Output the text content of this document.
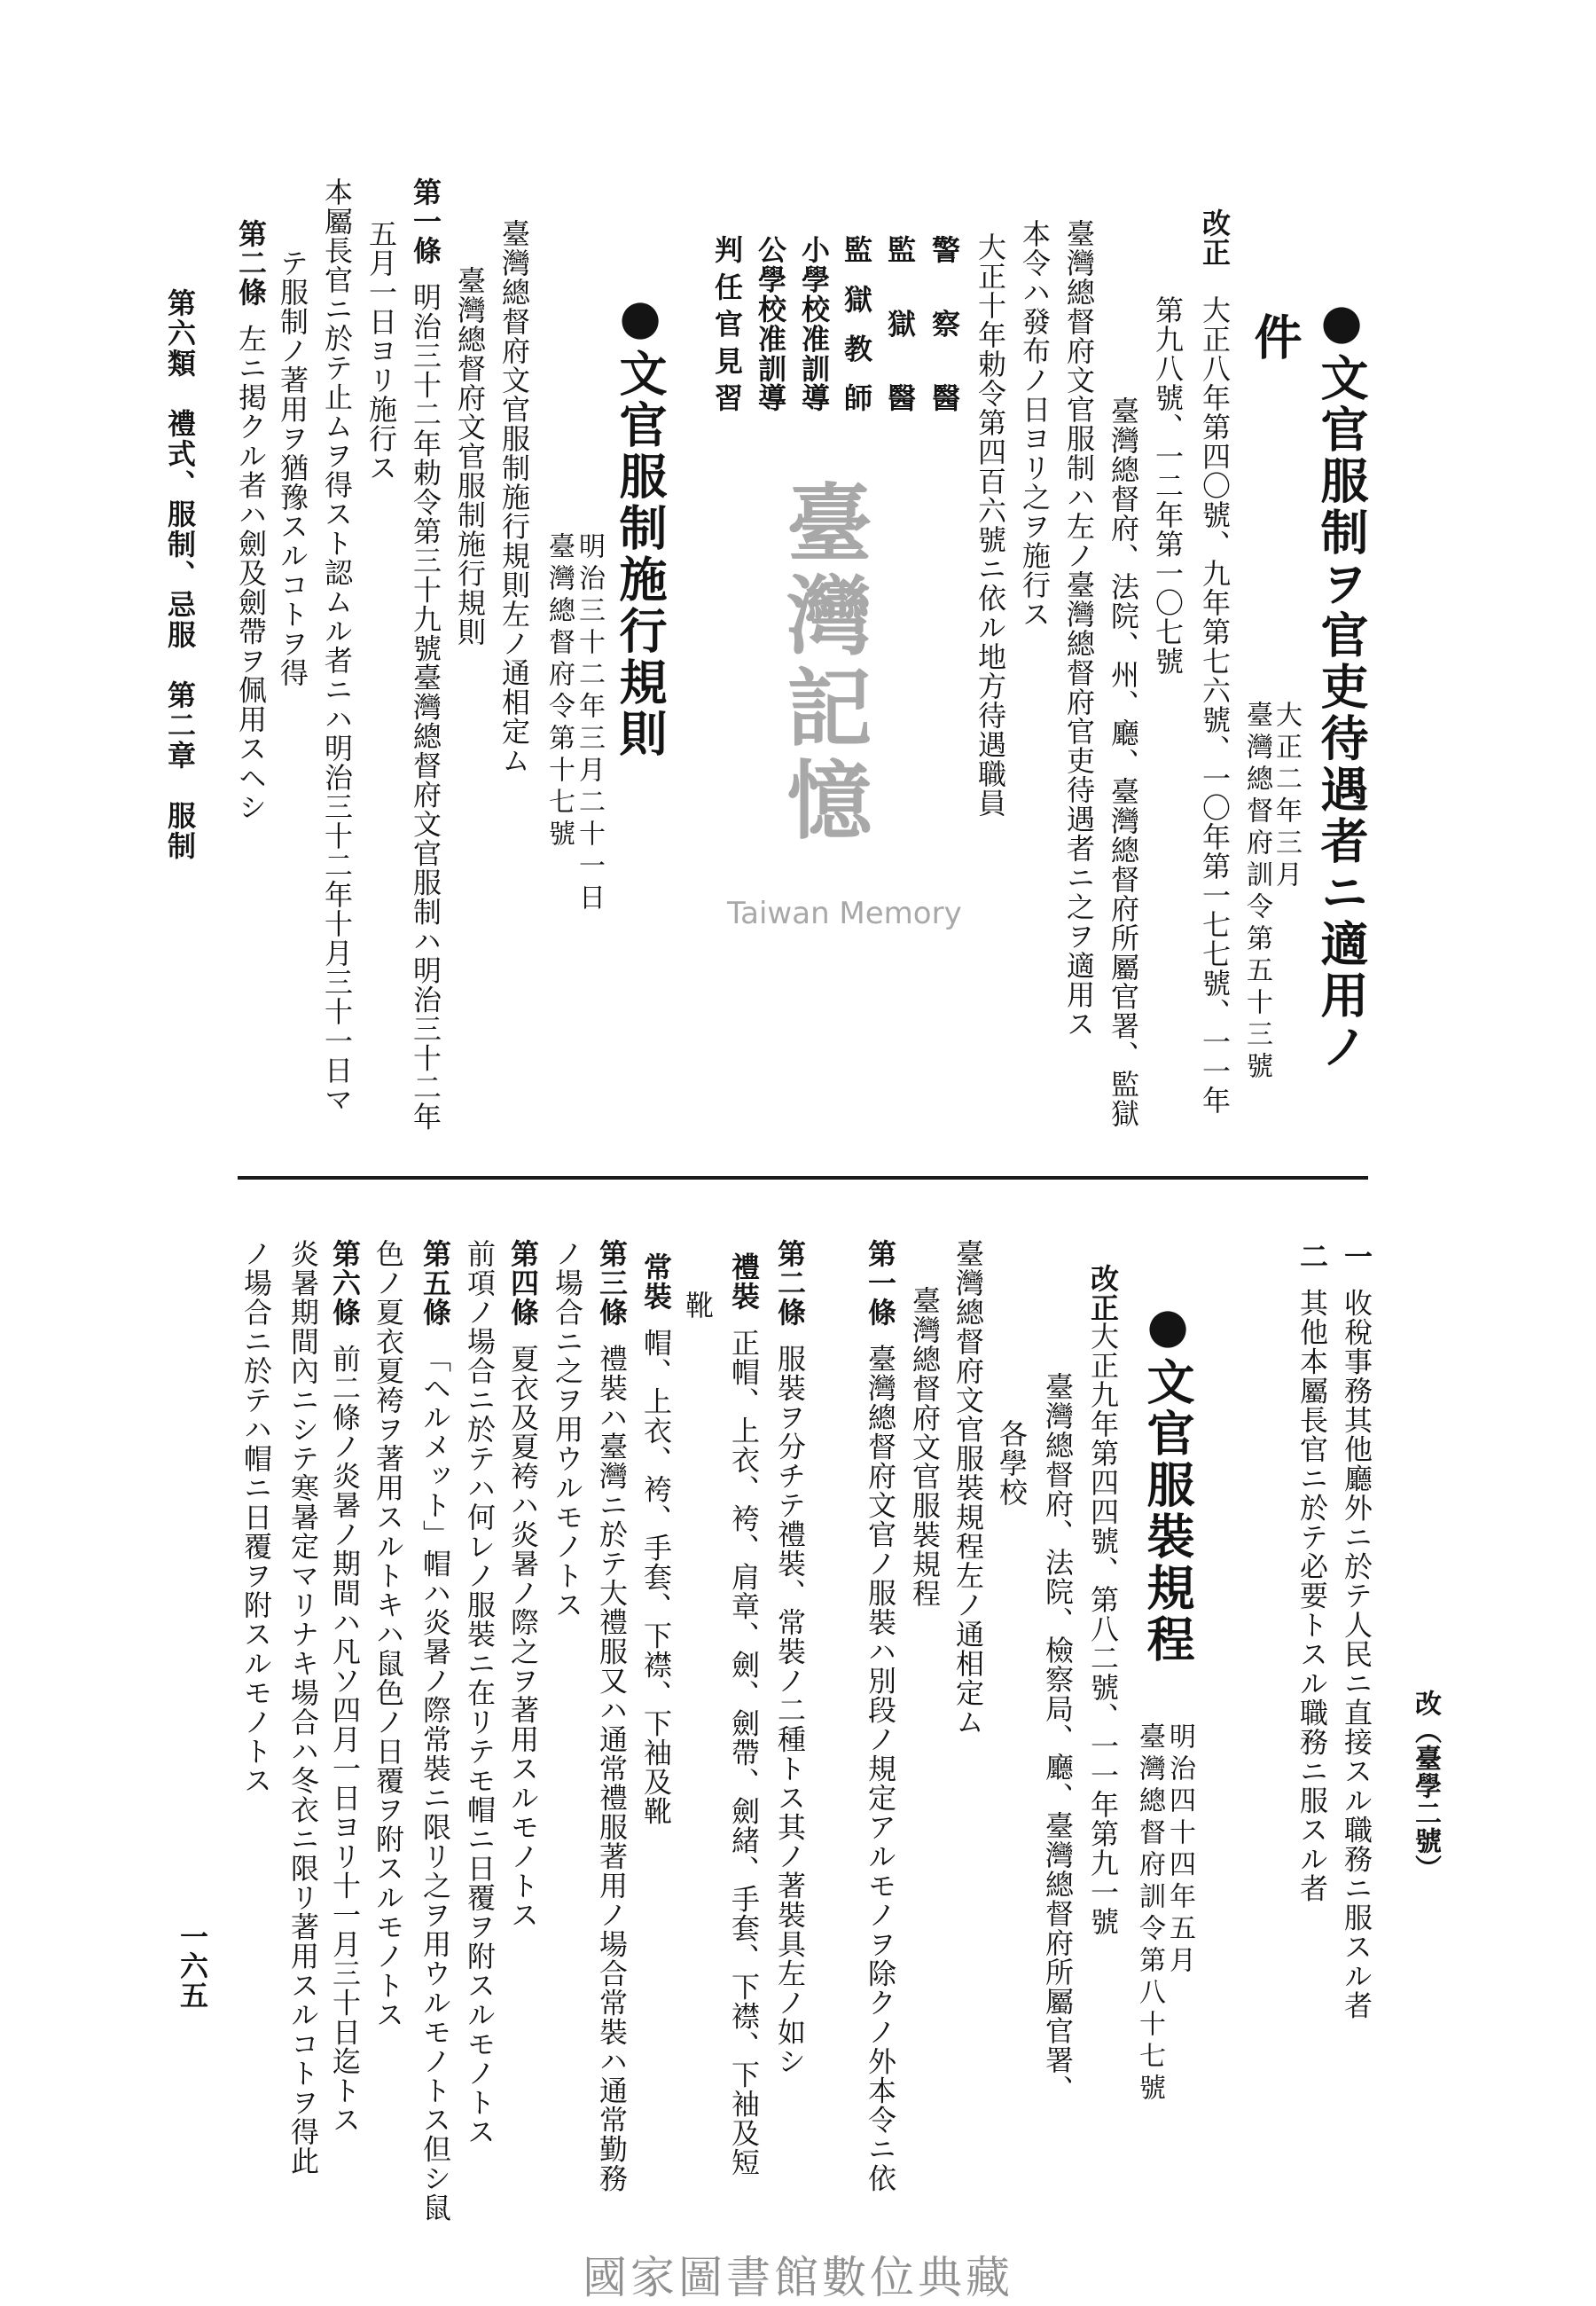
臺灣記憶
Taiwan Memory
第六類　禮式、服制、忌服　第二章　服制
一六五
●文官服制ヲ官吏待遇者ニ適用ノ
件
大正二年三月
臺灣總督府訓令第五十三號
改正
大正八年第四〇號、九年第七六號、一〇年第一七七號、一一年
第九八號、一二年第一〇七號
臺灣總督府、法院、州、廳、臺灣總督府所屬官署、監獄
臺灣總督府文官服制ハ左ノ臺灣總督府官吏待遇者ニ之ヲ適用ス
本令ハ發布ノ日ヨリ之ヲ施行ス
大正十年勅令第四百六號ニ依ル地方待遇職員
警察醫
監獄醫
監獄教師
小學校准訓導
公學校准訓導
判任官見習
●文官服制施行規則
明治三十二年三月二十一日
臺灣總督府令第十七號
臺灣總督府文官服制施行規則左ノ通相定ム
臺灣總督府文官服制施行規則
第一條明治三十二年勅令第三十九號臺灣總督府文官服制ハ明治三十二年
五月一日ヨリ施行ス
本屬長官ニ於テ止ムヲ得スト認ムル者ニハ明治三十二年十月三十一日マ
テ服制ノ著用ヲ猶豫スルコトヲ得
第二條左ニ掲クル者ハ劍及劍帶ヲ佩用スヘシ
改（臺學二號）
一收稅事務其他廳外ニ於テ人民ニ直接スル職務ニ服スル者
二其他本屬長官ニ於テ必要トスル職務ニ服スル者
●文官服裝規程
明治四十四年五月
臺灣總督府訓令第八十七號
改正
大正九年第四四號、第八二號、一一年第九一號
臺灣總督府、法院、檢察局、廳、臺灣總督府所屬官署、
各學校
臺灣總督府文官服裝規程左ノ通相定ム
臺灣總督府文官服裝規程
第一條臺灣總督府文官ノ服裝ハ別段ノ規定アルモノヲ除クノ外本令ニ依
第二條服裝ヲ分チテ禮裝、常裝ノ二種トス其ノ著裝具左ノ如シ
禮裝正帽、上衣、袴、肩章、劍、劍帶、劍緒、手套、下襟、下袖及短
靴
常裝帽、上衣、袴、手套、下襟、下袖及靴
第三條禮裝ハ臺灣ニ於テ大禮服又ハ通常禮服著用ノ場合常裝ハ通常勤務
ノ場合ニ之ヲ用ウルモノトス
第四條夏衣及夏袴ハ炎暑ノ際之ヲ著用スルモノトス
前項ノ場合ニ於テハ何レノ服裝ニ在リテモ帽ニ日覆ヲ附スルモノトス
第五條「ヘルメット」帽ハ炎暑ノ際常裝ニ限リ之ヲ用ウルモノトス但シ鼠
色ノ夏衣夏袴ヲ著用スルトキハ鼠色ノ日覆ヲ附スルモノトス
第六條前二條ノ炎暑ノ期間ハ凡ソ四月一日ヨリ十一月三十日迄トス
炎暑期間內ニシテ寒暑定マリナキ場合ハ冬衣ニ限リ著用スルコトヲ得此
ノ場合ニ於テハ帽ニ日覆ヲ附スルモノトス
國家圖書館數位典藏
